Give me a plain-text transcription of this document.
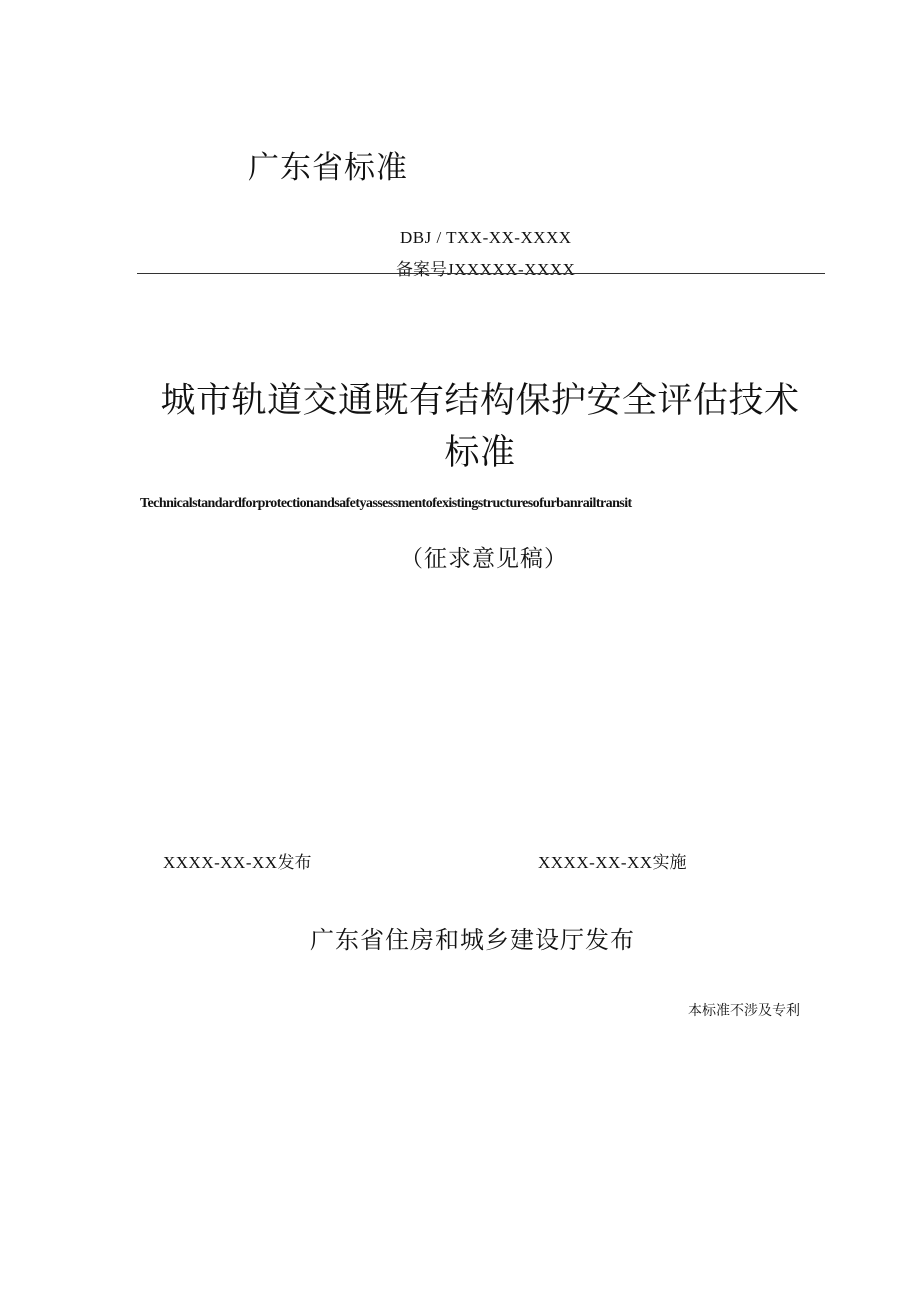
广东省标准
DBJ / TXX-XX-XXXX
备案号JXXXXX-XXXX
城市轨道交通既有结构保护安全评估技术
标准
Technicalstandardforprotectionandsafetyassessmentofexistingstructuresofurbanrailtransit
（征求意见稿）
XXXX-XX-XX发布	XXXX-XX-XX实施
广东省住房和城乡建设厅发布
本标准不涉及专利
